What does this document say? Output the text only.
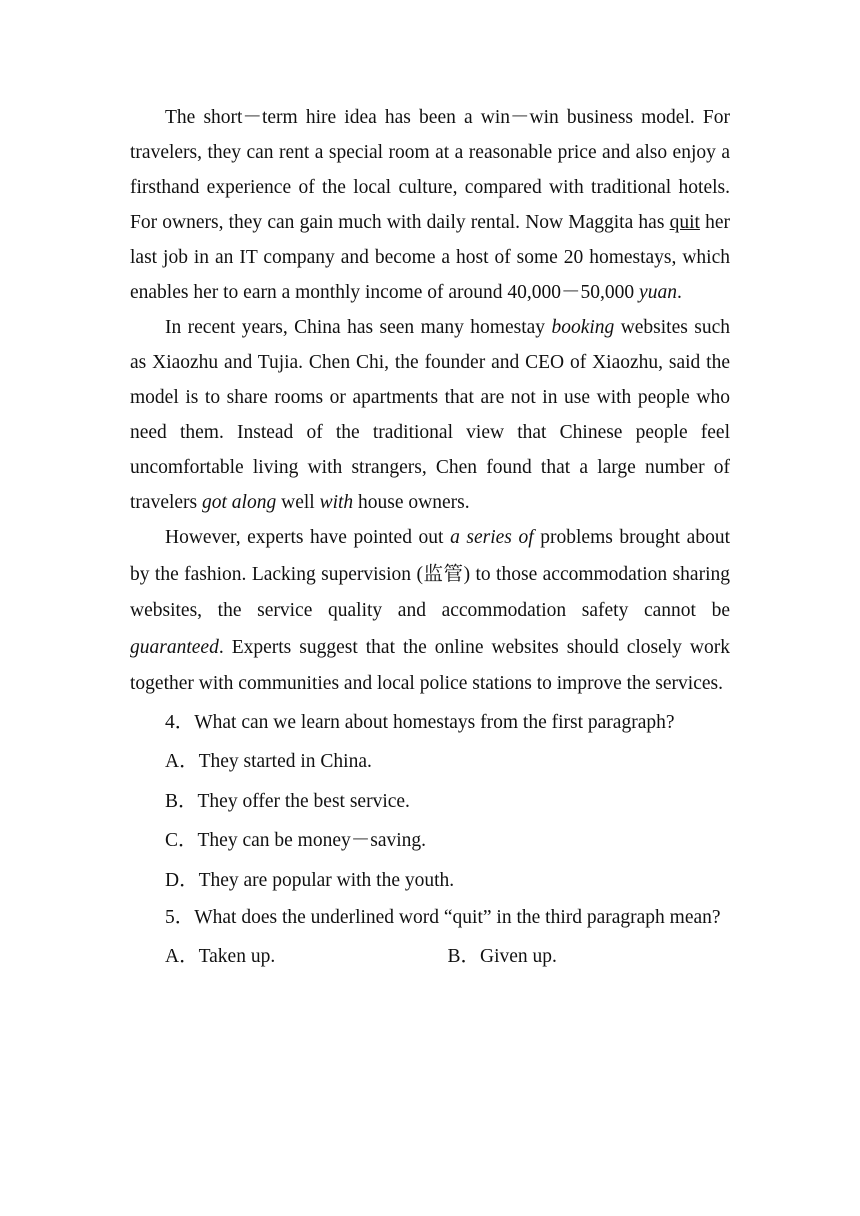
The short－term hire idea has been a win－win business model. For travelers, they can rent a special room at a reasonable price and also enjoy a firsthand experience of the local culture, compared with traditional hotels. For owners, they can gain much with daily rental. Now Maggita has quit her last job in an IT company and become a host of some 20 homestays, which enables her to earn a monthly income of around 40,000－50,000 yuan.

In recent years, China has seen many homestay booking websites such as Xiaozhu and Tujia. Chen Chi, the founder and CEO of Xiaozhu, said the model is to share rooms or apartments that are not in use with people who need them. Instead of the traditional view that Chinese people feel uncomfortable living with strangers, Chen found that a large number of travelers got along well with house owners.

However, experts have pointed out a series of problems brought about by the fashion. Lacking supervision (监管) to those accommodation sharing websites, the service quality and accommodation safety cannot be guaranteed. Experts suggest that the online websites should closely work together with communities and local police stations to improve the services.

4．What can we learn about homestays from the first paragraph?

A．They started in China.

B．They offer the best service.

C．They can be money－saving.

D．They are popular with the youth.

5．What does the underlined word “quit” in the third paragraph mean?

A．Taken up.	B．Given up.
